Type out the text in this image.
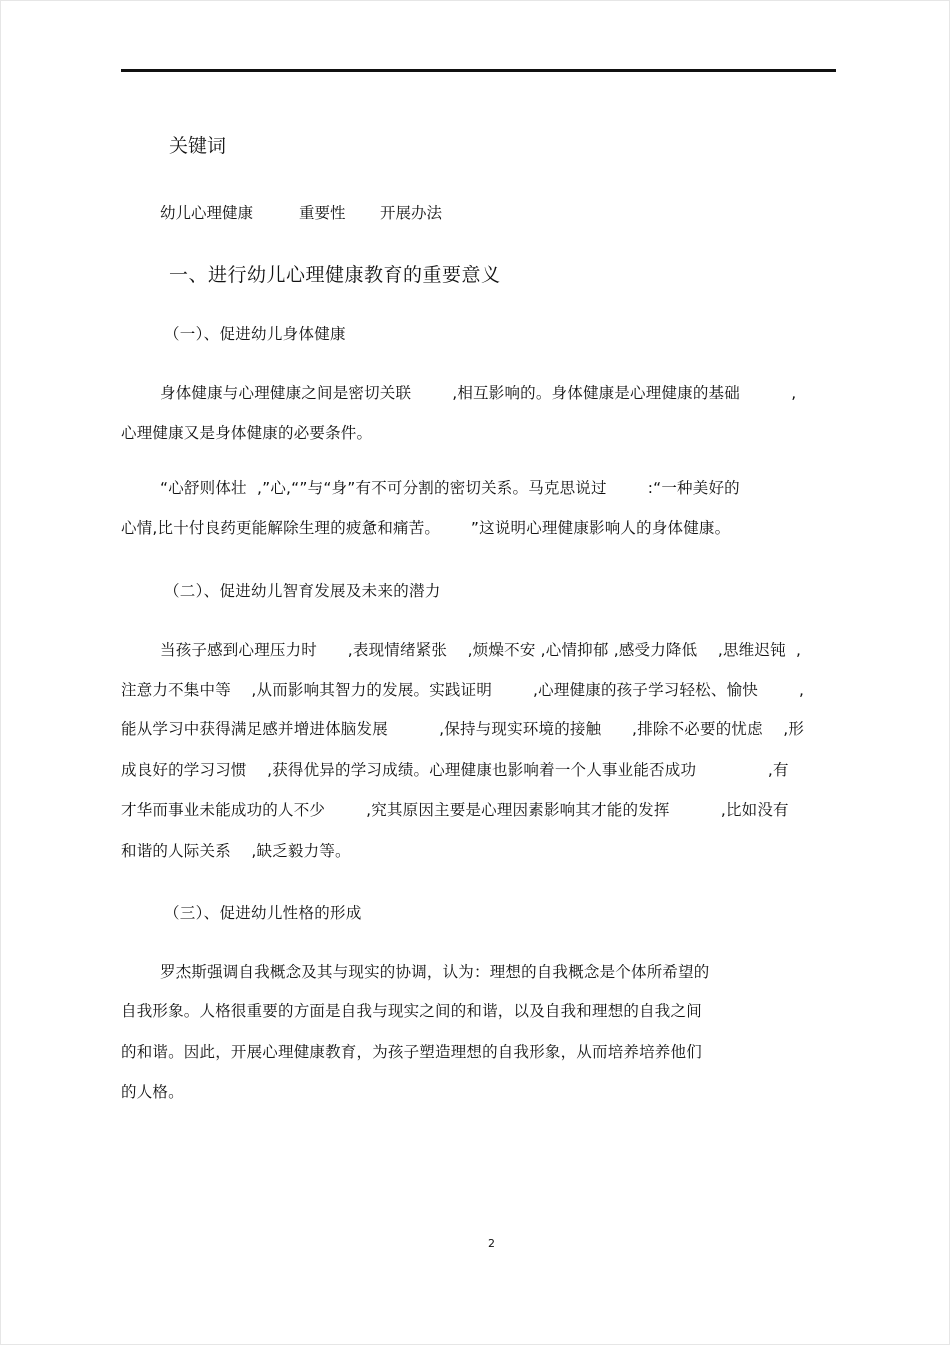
关键词
幼儿心理健康	重要性 开展办法
一、进行幼儿心理健康教育的重要意义
（一）、促进幼儿身体健康
身体健康与心理健康之间是密切关联        ,相互影响的。身体健康是心理健康的基础          ,
心理健康又是身体健康的必要条件。
“心舒则体壮  ,”心,“”与“身”有不可分割的密切关系。马克思说过        :“一种美好的
心情,比十付良药更能解除生理的疲惫和痛苦。      ”这说明心理健康影响人的身体健康。
（二）、促进幼儿智育发展及未来的潜力
当孩子感到心理压力时      ,表现情绪紧张    ,烦燥不安 ,心情抑郁 ,感受力降低    ,思维迟钝  ,
注意力不集中等    ,从而影响其智力的发展。实践证明        ,心理健康的孩子学习轻松、愉快        ,
能从学习中获得满足感并增进体脑发展          ,保持与现实环境的接触      ,排除不必要的忧虑    ,形
成良好的学习习惯    ,获得优异的学习成绩。心理健康也影响着一个人事业能否成功              ,有
才华而事业未能成功的人不少        ,究其原因主要是心理因素影响其才能的发挥          ,比如没有
和谐的人际关系    ,缺乏毅力等。
（三）、促进幼儿性格的形成
罗杰斯强调自我概念及其与现实的协调，认为：理想的自我概念是个体所希望的
自我形象。人格很重要的方面是自我与现实之间的和谐，以及自我和理想的自我之间
的和谐。因此，开展心理健康教育，为孩子塑造理想的自我形象，从而培养培养他们
的人格。
2
